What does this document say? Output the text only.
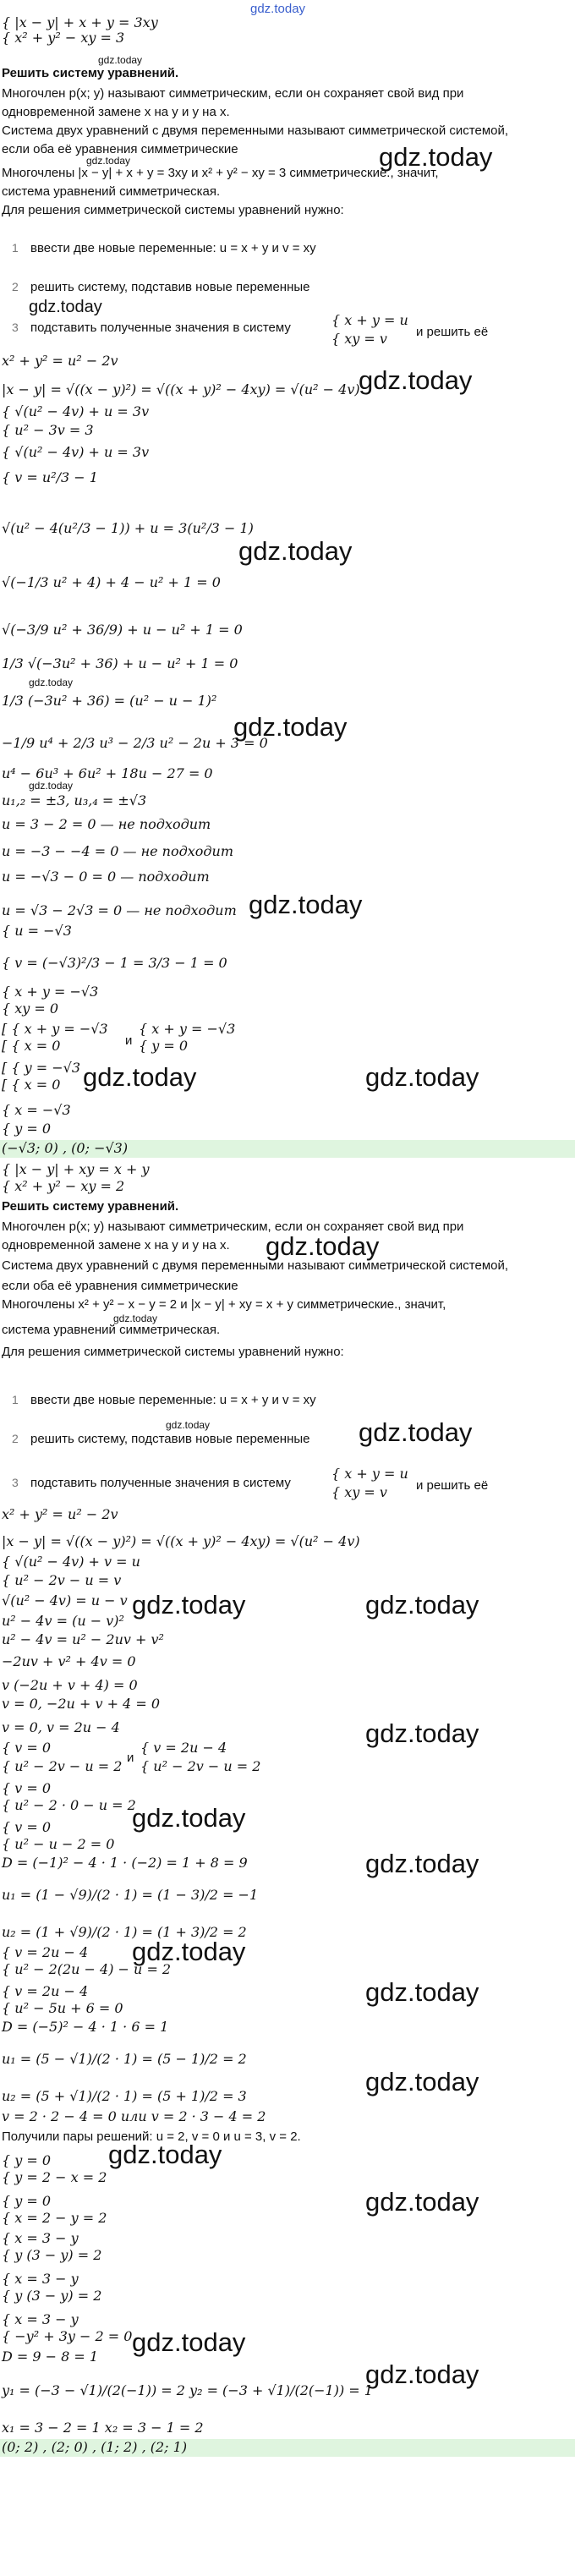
gdz.today
{ |x − y| + x + y = 3xy
{ x² + y² − xy = 3
gdz.today
Решить систему уравнений.
Многочлен p(x; y) называют симметрическим, если он сохраняет свой вид при
одновременной замене x на y и y на x.
Система двух уравнений с двумя переменными называют симметрической системой,
если оба её уравнения симметрические
gdz.today
Многочлены |x − y| + x + y = 3xy и x² + y² − xy = 3 симметрические., значит,
gdz.today
система уравнений симметрическая.
Для решения симметрической системы уравнений нужно:
1 ввести две новые переменные: u = x + y и v = xy
2 решить систему, подставив новые переменные
gdz.today
3 подставить полученные значения в систему	{ x + y = u
{ xy = v и решить её
x² + y² = u² − 2v
|x − y| = √((x − y)²) = √((x + y)² − 4xy) = √(u² − 4v)
gdz.today
{ √(u² − 4v) + u = 3v
{ u² − 3v = 3
{ √(u² − 4v) + u = 3v
{ v = u²/3 − 1
√(u² − 4(u²/3 − 1)) + u = 3(u²/3 − 1)
gdz.today
√(−1/3 u² + 4) + 4 − u² + 1 = 0
√(−3/9 u² + 36/9) + u − u² + 1 = 0
1/3 √(−3u² + 36) + u − u² + 1 = 0
gdz.today
1/3 (−3u² + 36) = (u² − u − 1)²
gdz.today
−1/9 u⁴ + 2/3 u³ − 2/3 u² − 2u + 3 = 0
u⁴ − 6u³ + 6u² + 18u − 27 = 0
gdz.today
u₁,₂ = ±3, u₃,₄ = ±√3
u = 3 − 2 = 0 — не подходит
u = −3 − −4 = 0 — не подходит
u = −√3 − 0 = 0 — подходит
u = √3 − 2√3 = 0 — не подходит gdz.today
{ u = −√3
{ v = (−√3)²/3 − 1 = 3/3 − 1 = 0
{ x + y = −√3
{ xy = 0
[ { x + y = −√3
[ { x = 0
[ { y = −√3
[ { x = 0
и
{ x + y = −√3
{ y = 0
gdz.today	gdz.today
{ x = −√3
{ y = 0
(−√3; 0) , (0; −√3)
{ |x − y| + xy = x + y
{ x² + y² − xy = 2
Решить систему уравнений.
Многочлен p(x; y) называют симметрическим, если он сохраняет свой вид при
одновременной замене x на y и y на x. gdz.today
Система двух уравнений с двумя переменными называют симметрической системой,
если оба её уравнения симметрические
Многочлены x² + y² − x − y = 2 и |x − y| + xy = x + y симметрические., значит,
gdz.today
система уравнений симметрическая.
Для решения симметрической системы уравнений нужно:
1 ввести две новые переменные: u = x + y и v = xy
gdz.today
2 решить систему, подставив новые переменные gdz.today
3 подставить полученные значения в систему
{ x + y = u
{ xy = v и решить её
x² + y² = u² − 2v
|x − y| = √((x − y)²) = √((x + y)² − 4xy) = √(u² − 4v)
{ √(u² − 4v) + v = u
{ u² − 2v − u = v
√(u² − 4v) = u − v gdz.today	gdz.today
u² − 4v = (u − v)²
u² − 4v = u² − 2uv + v²
−2uv + v² + 4v = 0
v (−2u + v + 4) = 0
v = 0, −2u + v + 4 = 0
v = 0, v = 2u − 4	gdz.today
{ v = 0
{ u² − 2v − u = 2
и
{ v = 2u − 4
{ u² − 2v − u = 2
{ v = 0
{ u² − 2 · 0 − u = 2
gdz.today
{ v = 0
{ u² − u − 2 = 0
D = (−1)² − 4 · 1 · (−2) = 1 + 8 = 9	gdz.today
u₁ = (1 − √9)/(2 · 1) = (1 − 3)/2 = −1
u₂ = (1 + √9)/(2 · 1) = (1 + 3)/2 = 2
{ v = 2u − 4
{ u² − 2(2u − 4) − u = 2
gdz.today
{ v = 2u − 4
{ u² − 5u + 6 = 0
D = (−5)² − 4 · 1 · 6 = 1
gdz.today
u₁ = (5 − √1)/(2 · 1) = (5 − 1)/2 = 2
u₂ = (5 + √1)/(2 · 1) = (5 + 1)/2 = 3	gdz.today
v = 2 · 2 − 4 = 0 или v = 2 · 3 − 4 = 2
Получили пары решений: u = 2, v = 0 и u = 3, v = 2.
gdz.today
{ y = 0
{ y = 2 − x = 2
gdz.today
{ y = 0
{ x = 2 − y = 2
{ x = 3 − y
{ y (3 − y) = 2
{ x = 3 − y
{ y (3 − y) = 2
{ x = 3 − y
{ −y² + 3y − 2 = 0 gdz.today
D = 9 − 8 = 1
gdz.today
y₁ = (−3 − √1)/(2(−1)) = 2 y₂ = (−3 + √1)/(2(−1)) = 1
x₁ = 3 − 2 = 1 x₂ = 3 − 1 = 2
(0; 2) , (2; 0) , (1; 2) , (2; 1)
